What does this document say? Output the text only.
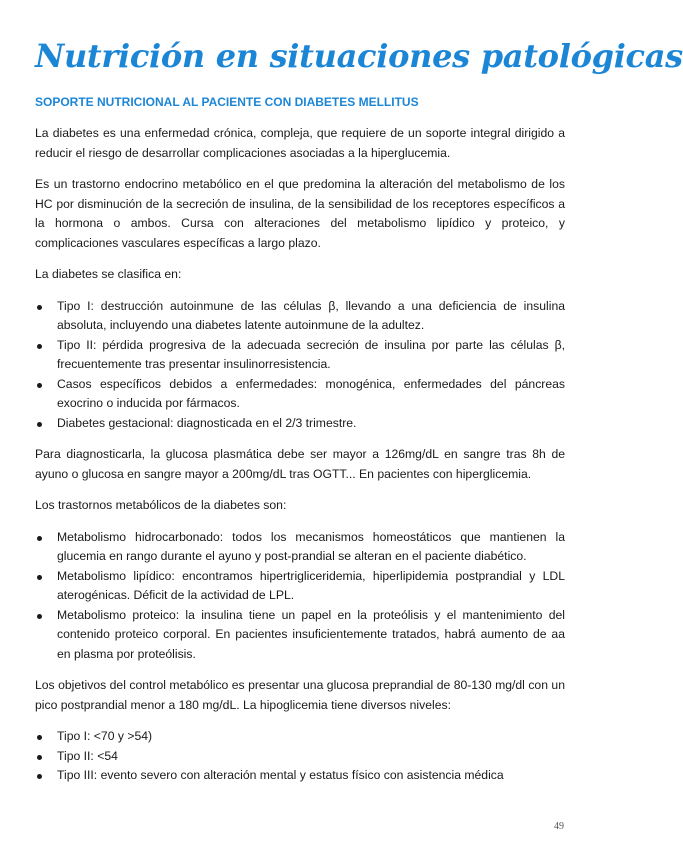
Nutrición en situaciones patológicas
SOPORTE NUTRICIONAL AL PACIENTE CON DIABETES MELLITUS

La diabetes es una enfermedad crónica, compleja, que requiere de un soporte integral dirigido a reducir el riesgo de desarrollar complicaciones asociadas a la hiperglucemia.

Es un trastorno endocrino metabólico en el que predomina la alteración del metabolismo de los HC por disminución de la secreción de insulina, de la sensibilidad de los receptores específicos a la hormona o ambos. Cursa con alteraciones del metabolismo lipídico y proteico, y complicaciones vasculares específicas a largo plazo.

La diabetes se clasifica en:

Tipo I: destrucción autoinmune de las células β, llevando a una deficiencia de insulina absoluta, incluyendo una diabetes latente autoinmune de la adultez.
Tipo II: pérdida progresiva de la adecuada secreción de insulina por parte las células β, frecuentemente tras presentar insulinorresistencia.
Casos específicos debidos a enfermedades: monogénica, enfermedades del páncreas exocrino o inducida por fármacos.
Diabetes gestacional: diagnosticada en el 2/3 trimestre.

Para diagnosticarla, la glucosa plasmática debe ser mayor a 126mg/dL en sangre tras 8h de ayuno o glucosa en sangre mayor a 200mg/dL tras OGTT... En pacientes con hiperglicemia.

Los trastornos metabólicos de la diabetes son:

Metabolismo hidrocarbonado: todos los mecanismos homeostáticos que mantienen la glucemia en rango durante el ayuno y post-prandial se alteran en el paciente diabético.
Metabolismo lipídico: encontramos hipertrigliceridemia, hiperlipidemia postprandial y LDL aterogénicas. Déficit de la actividad de LPL.
Metabolismo proteico: la insulina tiene un papel en la proteólisis y el mantenimiento del contenido proteico corporal. En pacientes insuficientemente tratados, habrá aumento de aa en plasma por proteólisis.

Los objetivos del control metabólico es presentar una glucosa preprandial de 80-130 mg/dl con un pico postprandial menor a 180 mg/dL. La hipoglicemia tiene diversos niveles:

Tipo I: <70 y >54)
Tipo II: <54
Tipo III: evento severo con alteración mental y estatus físico con asistencia médica
49
